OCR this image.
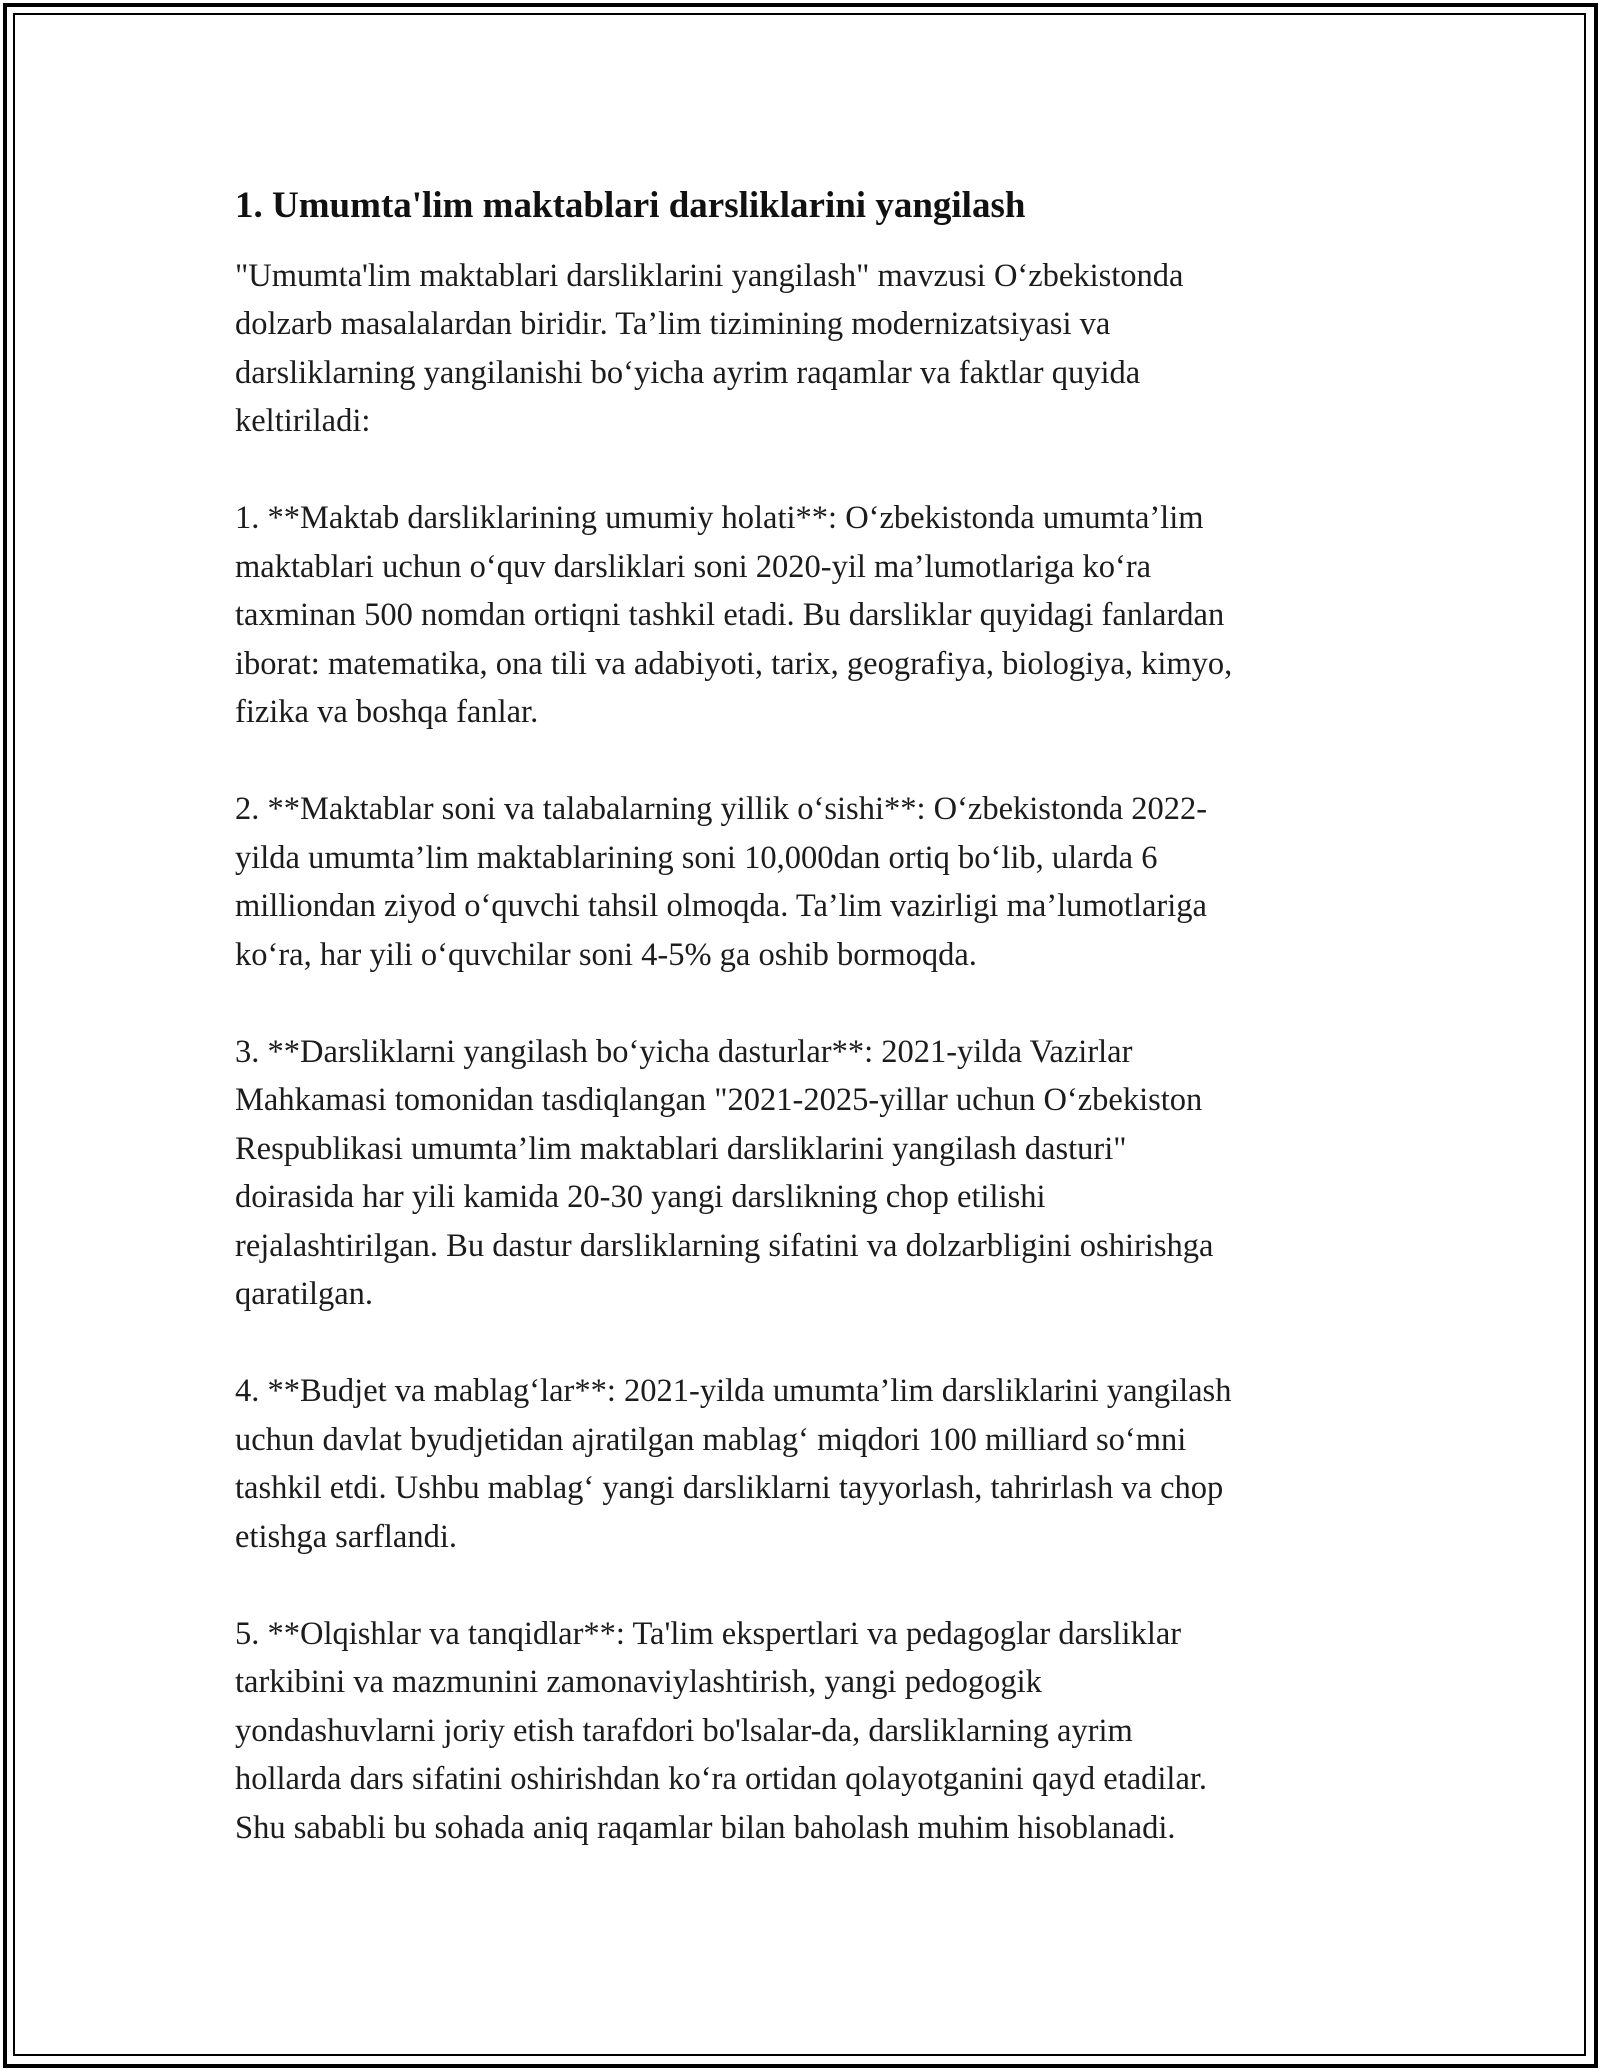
1. Umumta'lim maktablari darsliklarini yangilash

"Umumta'lim maktablari darsliklarini yangilash" mavzusi O‘zbekistonda
dolzarb masalalardan biridir. Ta’lim tizimining modernizatsiyasi va
darsliklarning yangilanishi bo‘yicha ayrim raqamlar va faktlar quyida
keltiriladi:

1. **Maktab darsliklarining umumiy holati**: O‘zbekistonda umumta’lim
maktablari uchun o‘quv darsliklari soni 2020-yil ma’lumotlariga ko‘ra
taxminan 500 nomdan ortiqni tashkil etadi. Bu darsliklar quyidagi fanlardan
iborat: matematika, ona tili va adabiyoti, tarix, geografiya, biologiya, kimyo,
fizika va boshqa fanlar.

2. **Maktablar soni va talabalarning yillik o‘sishi**: O‘zbekistonda 2022-
yilda umumta’lim maktablarining soni 10,000dan ortiq bo‘lib, ularda 6
milliondan ziyod o‘quvchi tahsil olmoqda. Ta’lim vazirligi ma’lumotlariga
ko‘ra, har yili o‘quvchilar soni 4-5% ga oshib bormoqda.

3. **Darsliklarni yangilash bo‘yicha dasturlar**: 2021-yilda Vazirlar
Mahkamasi tomonidan tasdiqlangan "2021-2025-yillar uchun O‘zbekiston
Respublikasi umumta’lim maktablari darsliklarini yangilash dasturi"
doirasida har yili kamida 20-30 yangi darslikning chop etilishi
rejalashtirilgan. Bu dastur darsliklarning sifatini va dolzarbligini oshirishga
qaratilgan.

4. **Budjet va mablag‘lar**: 2021-yilda umumta’lim darsliklarini yangilash
uchun davlat byudjetidan ajratilgan mablag‘ miqdori 100 milliard so‘mni
tashkil etdi. Ushbu mablag‘ yangi darsliklarni tayyorlash, tahrirlash va chop
etishga sarflandi.

5. **Olqishlar va tanqidlar**: Ta'lim ekspertlari va pedagoglar darsliklar
tarkibini va mazmunini zamonaviylashtirish, yangi pedogogik
yondashuvlarni joriy etish tarafdori bo'lsalar-da, darsliklarning ayrim
hollarda dars sifatini oshirishdan ko‘ra ortidan qolayotganini qayd etadilar.
Shu sababli bu sohada aniq raqamlar bilan baholash muhim hisoblanadi.
